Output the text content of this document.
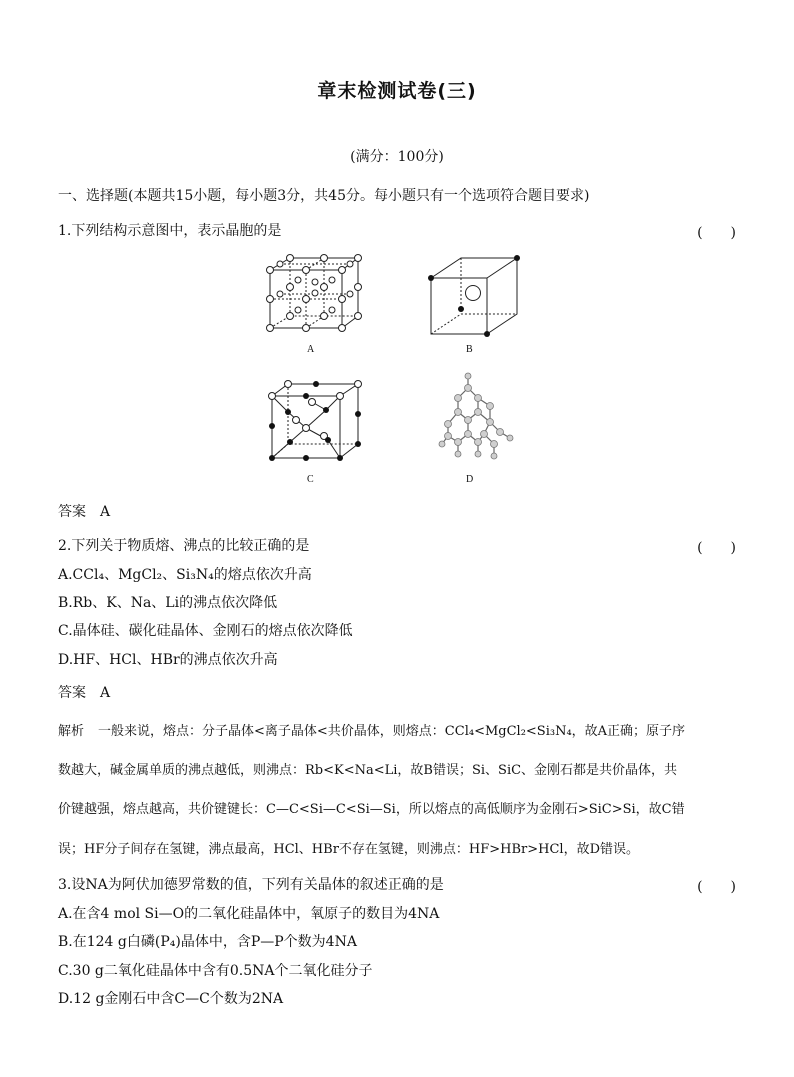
章末检测试卷(三)
(满分：100分)
一、选择题(本题共15小题，每小题3分，共45分。每小题只有一个选项符合题目要求)
1.下列结构示意图中，表示晶胞的是	(　　)
A	B
C	D
答案 A
2.下列关于物质熔、沸点的比较正确的是	(　　)
A.CCl₄、MgCl₂、Si₃N₄的熔点依次升高
B.Rb、K、Na、Li的沸点依次降低
C.晶体硅、碳化硅晶体、金刚石的熔点依次降低
D.HF、HCl、HBr的沸点依次升高
答案 A
解析 一般来说，熔点：分子晶体<离子晶体<共价晶体，则熔点：CCl₄<MgCl₂<Si₃N₄，故A正确；原子序
数越大，碱金属单质的沸点越低，则沸点：Rb<K<Na<Li，故B错误；Si、SiC、金刚石都是共价晶体，共
价键越强，熔点越高，共价键键长：C—C<Si—C<Si—Si，所以熔点的高低顺序为金刚石>SiC>Si，故C错
误；HF分子间存在氢键，沸点最高，HCl、HBr不存在氢键，则沸点：HF>HBr>HCl，故D错误。
3.设NA为阿伏加德罗常数的值，下列有关晶体的叙述正确的是	(　　)
A.在含4 mol Si—O的二氧化硅晶体中，氧原子的数目为4NA
B.在124 g白磷(P₄)晶体中，含P—P个数为4NA
C.30 g二氧化硅晶体中含有0.5NA个二氧化硅分子
D.12 g金刚石中含C—C个数为2NA
